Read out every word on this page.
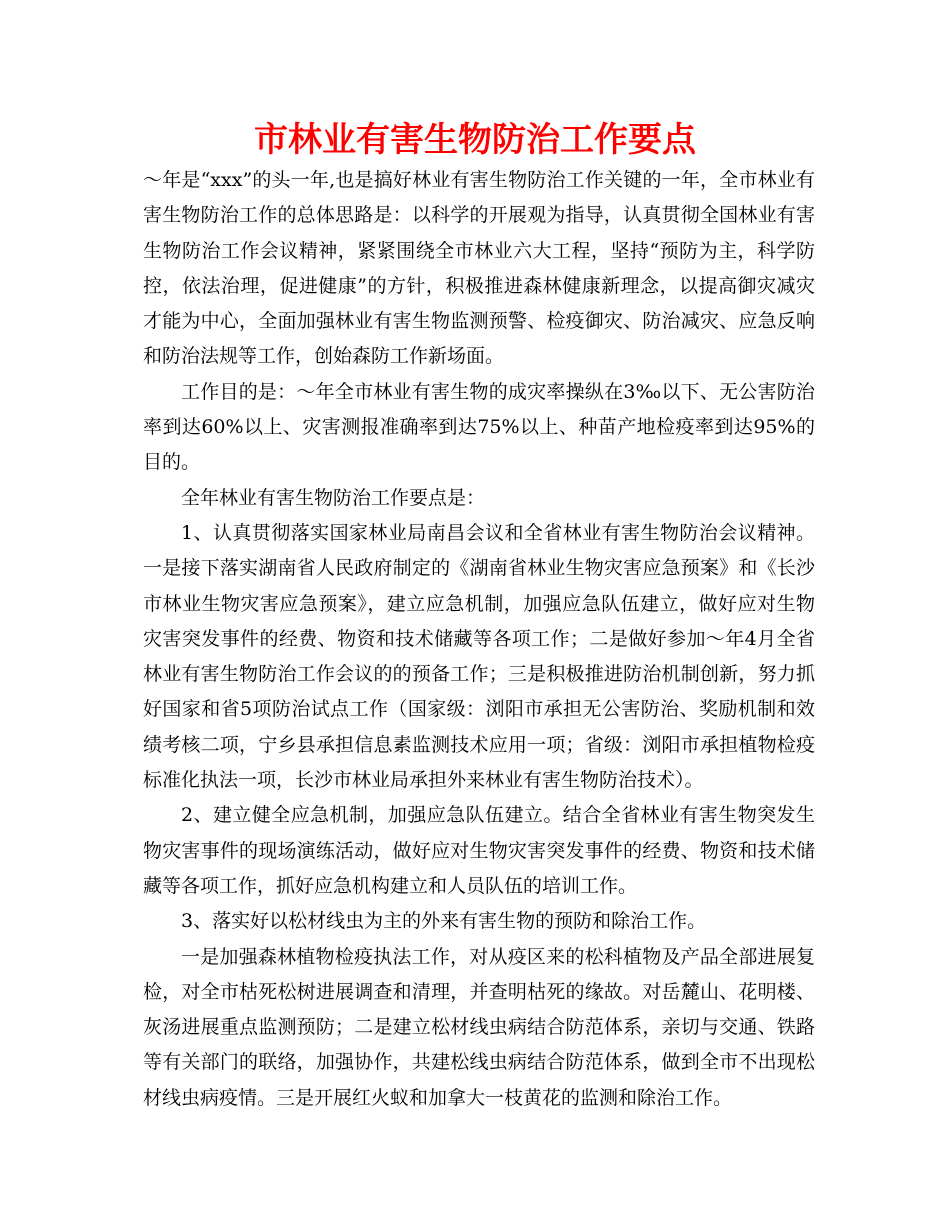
市林业有害生物防治工作要点

～年是“xxx”的头一年,也是搞好林业有害生物防治工作关键的一年，全市林业有害生物防治工作的总体思路是：以科学的开展观为指导，认真贯彻全国林业有害生物防治工作会议精神，紧紧围绕全市林业六大工程，坚持“预防为主，科学防控，依法治理，促进健康”的方针，积极推进森林健康新理念，以提高御灾减灾才能为中心，全面加强林业有害生物监测预警、检疫御灾、防治减灾、应急反响和防治法规等工作，创始森防工作新场面。

工作目的是：～年全市林业有害生物的成灾率操纵在3‰以下、无公害防治率到达60%以上、灾害测报准确率到达75%以上、种苗产地检疫率到达95%的目的。

全年林业有害生物防治工作要点是：

1、认真贯彻落实国家林业局南昌会议和全省林业有害生物防治会议精神。一是接下落实湖南省人民政府制定的《湖南省林业生物灾害应急预案》和《长沙市林业生物灾害应急预案》，建立应急机制，加强应急队伍建立，做好应对生物灾害突发事件的经费、物资和技术储藏等各项工作；二是做好参加～年4月全省林业有害生物防治工作会议的的预备工作；三是积极推进防治机制创新，努力抓好国家和省5项防治试点工作（国家级：浏阳市承担无公害防治、奖励机制和效绩考核二项，宁乡县承担信息素监测技术应用一项；省级：浏阳市承担植物检疫标准化执法一项，长沙市林业局承担外来林业有害生物防治技术）。

2、建立健全应急机制，加强应急队伍建立。结合全省林业有害生物突发生物灾害事件的现场演练活动，做好应对生物灾害突发事件的经费、物资和技术储藏等各项工作，抓好应急机构建立和人员队伍的培训工作。

3、落实好以松材线虫为主的外来有害生物的预防和除治工作。

一是加强森林植物检疫执法工作，对从疫区来的松科植物及产品全部进展复检，对全市枯死松树进展调查和清理，并查明枯死的缘故。对岳麓山、花明楼、灰汤进展重点监测预防；二是建立松材线虫病结合防范体系，亲切与交通、铁路等有关部门的联络，加强协作，共建松线虫病结合防范体系，做到全市不出现松材线虫病疫情。三是开展红火蚁和加拿大一枝黄花的监测和除治工作。
